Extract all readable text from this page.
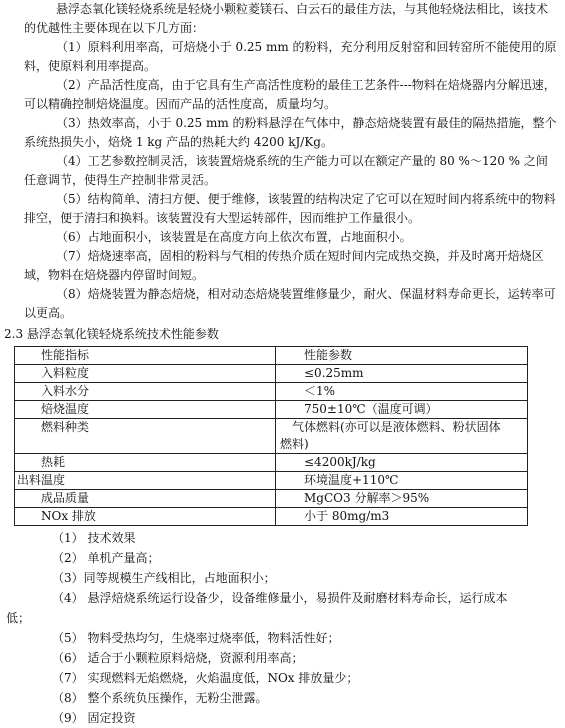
悬浮态氧化镁轻烧系统是轻烧小颗粒菱镁石、白云石的最佳方法，与其他轻烧法相比，该技术的优越性主要体现在以下几方面：

（1）原料利用率高，可焙烧小于 0.25 mm 的粉料，充分利用反射窑和回转窑所不能使用的原料，使原料利用率提高。

（2）产品活性度高，由于它具有生产高活性度粉的最佳工艺条件---物料在焙烧器内分解迅速，可以精确控制焙烧温度。因而产品的活性度高，质量均匀。

（3）热效率高，小于 0.25 mm 的粉料悬浮在气体中，静态焙烧装置有最佳的隔热措施，整个系统热损失小，焙烧 1 kg 产品的热耗大约 4200 kJ/Kg。

（4）工艺参数控制灵活，该装置焙烧系统的生产能力可以在额定产量的 80 %～120 % 之间任意调节，使得生产控制非常灵活。

（5）结构简单、清扫方便、便于维修，该装置的结构决定了它可以在短时间内将系统中的物料排空，便于清扫和换料。该装置没有大型运转部件，因而维护工作量很小。

（6）占地面积小，该装置是在高度方向上依次布置，占地面积小。

（7）焙烧速率高，固相的粉料与气相的传热介质在短时间内完成热交换，并及时离开焙烧区域，物料在焙烧器内停留时间短。

（8）焙烧装置为静态焙烧，相对动态焙烧装置维修量少，耐火、保温材料寿命更长，运转率可以更高。

2.3 悬浮态氧化镁轻烧系统技术性能参数

性能指标	性能参数
入料粒度	≤0.25mm
入料水分	＜1%
焙烧温度	750±10℃（温度可调）
燃料种类	气体燃料(亦可以是液体燃料、粉状固体
燃料)

热耗	≤4200kJ/kg
出料温度	环境温度+110℃
成品质量	MgCO3 分解率＞95%
NOx 排放	小于 80mg/m3
（1） 技术效果
（2） 单机产量高；
（3）同等规模生产线相比，占地面积小；
（4） 悬浮焙烧系统运行设备少，设备维修量小，易损件及耐磨材料寿命长，运行成本
低；
（5） 物料受热均匀，生烧率过烧率低，物料活性好；
（6） 适合于小颗粒原料焙烧，资源利用率高；
（7） 实现燃料无焰燃烧，火焰温度低，NOx 排放量少；
（8） 整个系统负压操作，无粉尘泄露。
（9） 固定投资
